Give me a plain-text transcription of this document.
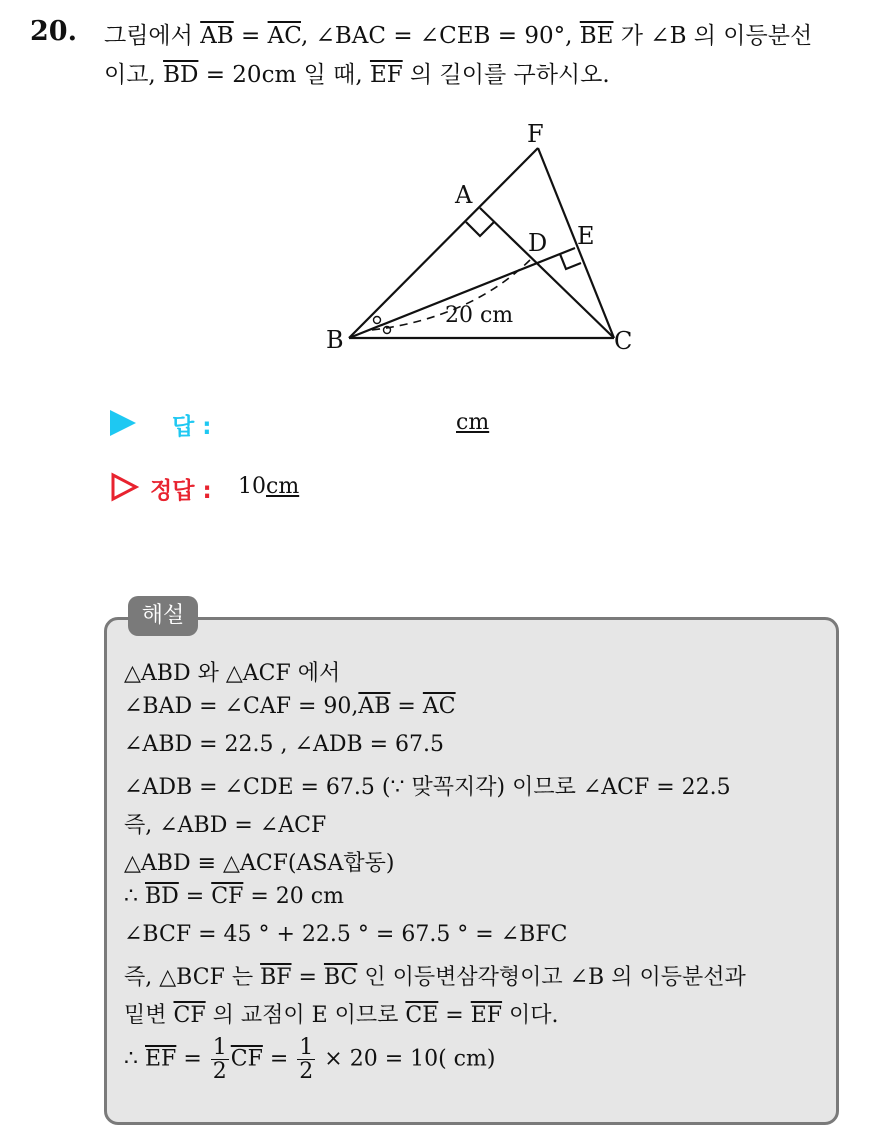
20. 그림에서 $\overline{AB} = \overline{AC}$, ∠BAC = ∠CEB = 90°, $\overline{BE}$ 가 ∠B 의 이등분선
이고, $\overline{BD} = 20cm$ 일 때, $\overline{EF}$ 의 길이를 구하시오.
F
A
D E
B	C
20 cm
답 :	cm
정답 : 10cm
해설
△ABD 와 △ACF 에서
∠BAD = ∠CAF = $90,\overline{AB} = \overline{AC}$
∠ABD = 22.5 , ∠ADB = 67.5
∠ADB = ∠CDE = 67.5 (∵ 맞꼭지각) 이므로 ∠ACF = 22.5
즉, ∠ABD = ∠ACF
△ABD ≡ △ACF(ASA합동)
∴ $\overline{BD} = \overline{CF} = 20$ cm
∠BCF = 45 ° + 22.5 ° = 67.5 ° = ∠BFC
즉, △BCF 는 $\overline{BF} = \overline{BC}$ 인 이등변삼각형이고 ∠B 의 이등분선과
밑변 $\overline{CF}$ 의 교점이 E 이므로 $\overline{CE} = \overline{EF}$ 이다.
∴ $\overline{EF} = \frac{1}{2} \overline{CF} = \frac{1}{2} \times 20 = 10$( cm)
